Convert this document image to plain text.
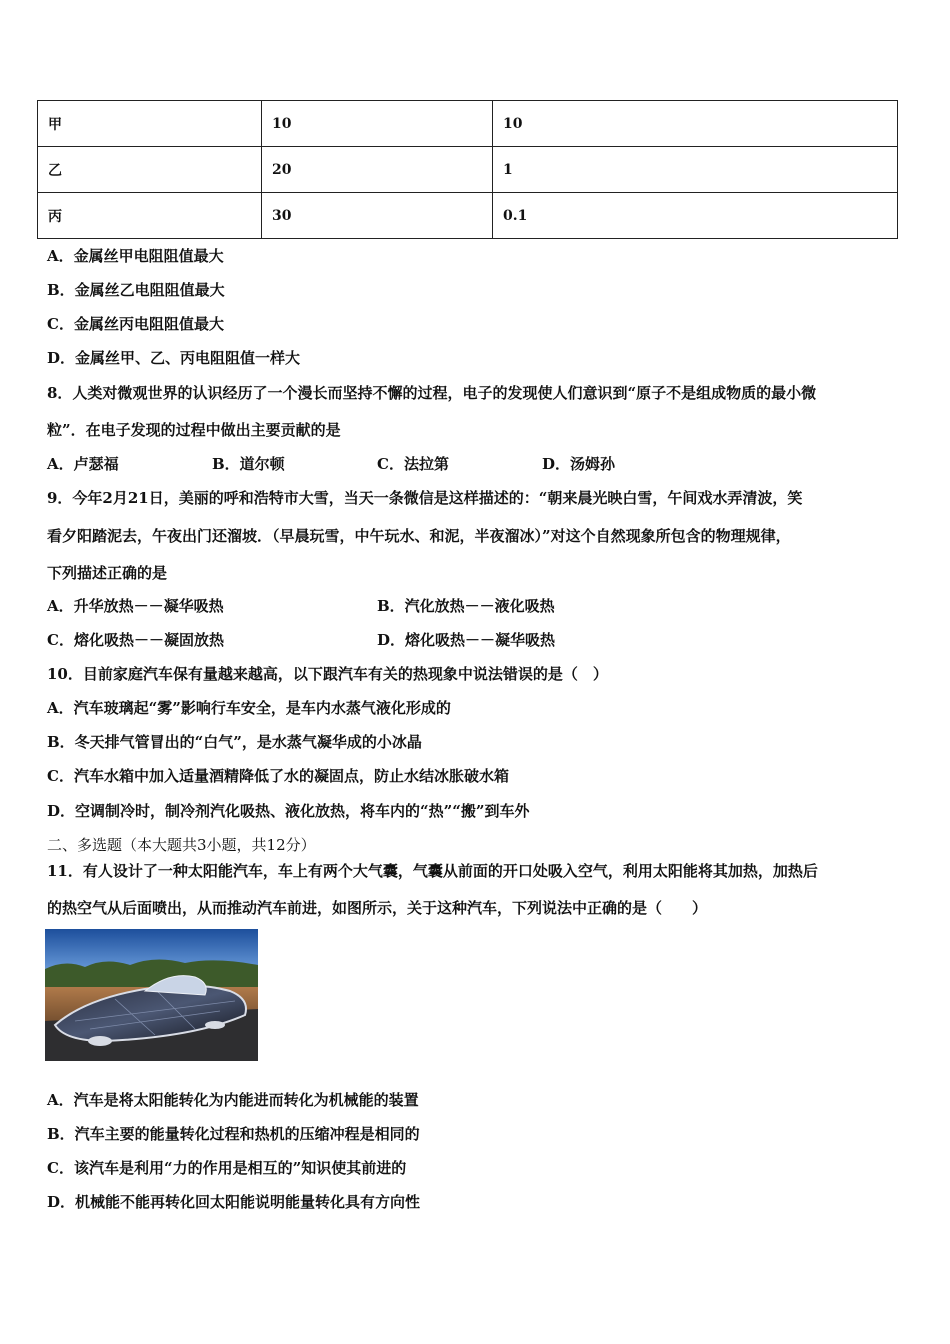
甲	10	10
乙	20	1
丙	30	0.1
A．金属丝甲电阻阻值最大
B．金属丝乙电阻阻值最大
C．金属丝丙电阻阻值最大
D．金属丝甲、乙、丙电阻阻值一样大
8．人类对微观世界的认识经历了一个漫长而坚持不懈的过程，电子的发现使人们意识到“原子不是组成物质的最小微
粒”．在电子发现的过程中做出主要贡献的是
A．卢瑟福	B．道尔顿	C．法拉第	D．汤姆孙
9．今年2月21日，美丽的呼和浩特市大雪，当天一条微信是这样描述的：“朝来晨光映白雪，午间戏水弄清波，笑
看夕阳踏泥去，午夜出门还溜坡．（早晨玩雪，中午玩水、和泥，半夜溜冰）”对这个自然现象所包含的物理规律，
下列描述正确的是
A．升华放热－－凝华吸热	B．汽化放热－－液化吸热
C．熔化吸热－－凝固放热	D．熔化吸热－－凝华吸热
10．目前家庭汽车保有量越来越高，以下跟汽车有关的热现象中说法错误的是（　）
A．汽车玻璃起“雾”影响行车安全，是车内水蒸气液化形成的
B．冬天排气管冒出的“白气”，是水蒸气凝华成的小冰晶
C．汽车水箱中加入适量酒精降低了水的凝固点，防止水结冰胀破水箱
D．空调制冷时，制冷剂汽化吸热、液化放热，将车内的“热”“搬”到车外
二、多选题（本大题共3小题，共12分）
11．有人设计了一种太阳能汽车，车上有两个大气囊，气囊从前面的开口处吸入空气，利用太阳能将其加热，加热后
的热空气从后面喷出，从而推动汽车前进，如图所示，关于这种汽车，下列说法中正确的是（　　）
A．汽车是将太阳能转化为内能进而转化为机械能的装置
B．汽车主要的能量转化过程和热机的压缩冲程是相同的
C．该汽车是利用“力的作用是相互的”知识使其前进的
D．机械能不能再转化回太阳能说明能量转化具有方向性
